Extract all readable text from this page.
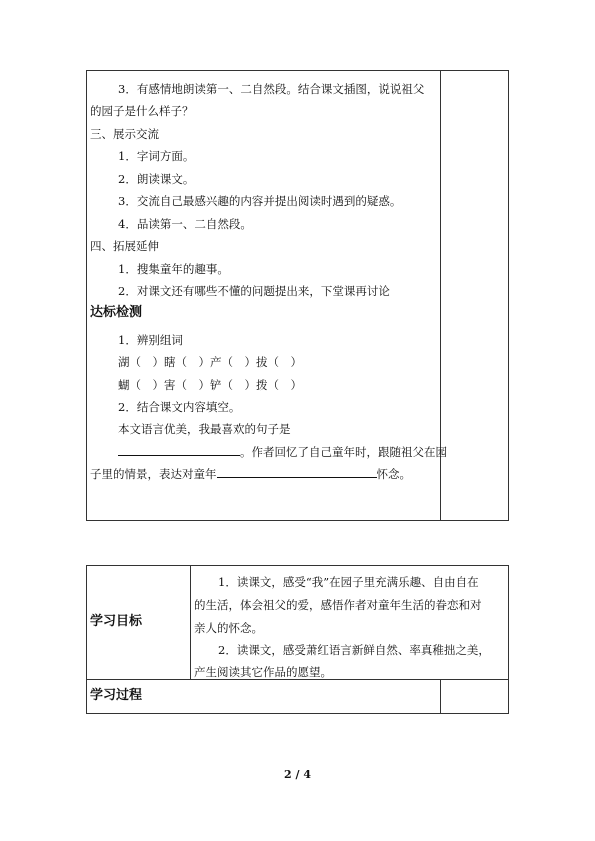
3．有感情地朗读第一、二自然段。结合课文插图，说说祖父
的园子是什么样子？
三、展示交流
1．字词方面。
2．朗读课文。
3．交流自己最感兴趣的内容并提出阅读时遇到的疑惑。
4．品读第一、二自然段。
四、拓展延伸
1．搜集童年的趣事。
2．对课文还有哪些不懂的问题提出来，下堂课再讨论
达标检测
1．辨别组词
湖（　）瞎（　）产（　）拔（　）
蝴（　）害（　）铲（　）拨（　）
2．结合课文内容填空。
本文语言优美，我最喜欢的句子是
。作者回忆了自己童年时，跟随祖父在园
子里的情景，表达对童年	怀念。
学习目标
1．读课文，感受“我”在园子里充满乐趣、自由自在
的生活，体会祖父的爱，感悟作者对童年生活的眷恋和对
亲人的怀念。
2．读课文，感受萧红语言新鲜自然、率真稚拙之美，
产生阅读其它作品的愿望。
学习过程
2 / 4
